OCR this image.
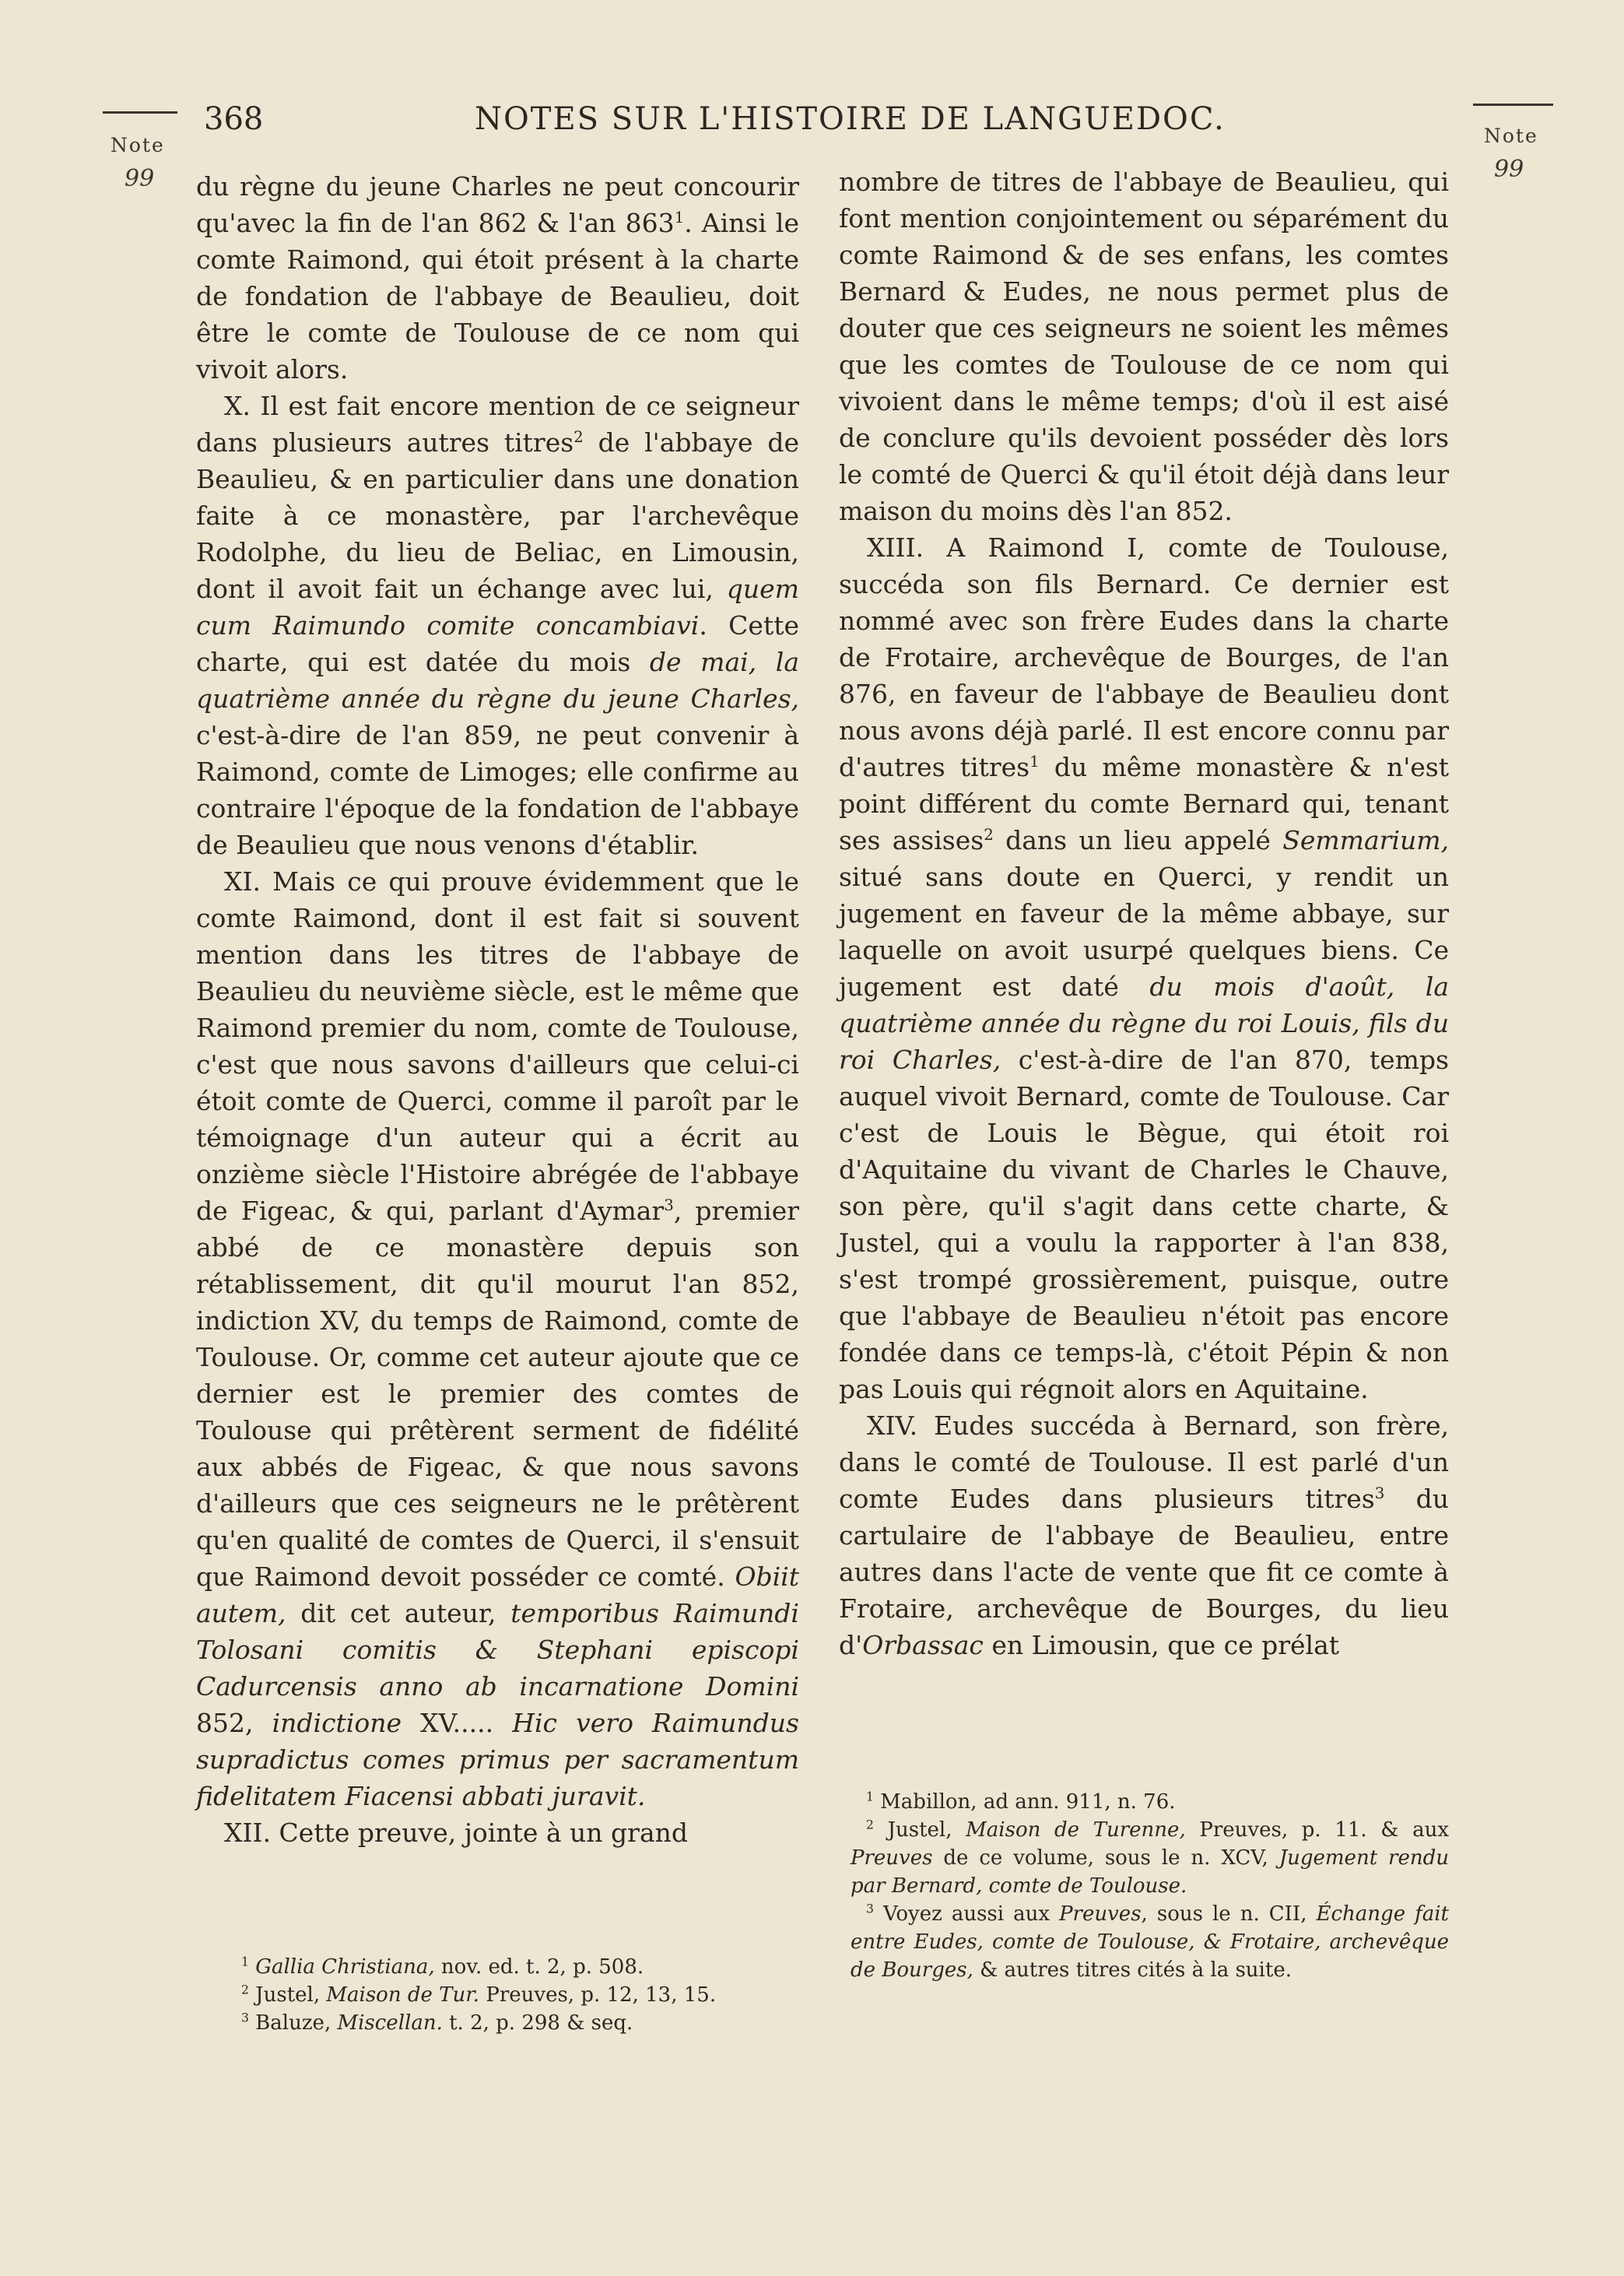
Note
99
368	NOTES SUR L'HISTOIRE DE LANGUEDOC.	Note
99

du règne du jeune Charles ne peut concourir qu'avec la fin de l'an 862 & l'an $863^1$. Ainsi le comte Raimond, qui étoit présent à la charte de fondation de l'abbaye de Beaulieu, doit être le comte de Toulouse de ce nom qui vivoit alors.

X. Il est fait encore mention de ce seigneur dans plusieurs autres titres$^2$ de l'abbaye de Beaulieu, & en particulier dans une donation faite à ce monastère, par l'archevêque Rodolphe, du lieu de Beliac, en Limousin, dont il avoit fait un échange avec lui, quem cum Raimundo comite concambiavi. Cette charte, qui est datée du mois de mai, la quatrième année du règne du jeune Charles, c'est-à-dire de l'an 859, ne peut convenir à Raimond, comte de Limoges; elle confirme au contraire l'époque de la fondation de l'abbaye de Beaulieu que nous venons d'établir.

XI. Mais ce qui prouve évidemment que le comte Raimond, dont il est fait si souvent mention dans les titres de l'abbaye de Beaulieu du neuvième siècle, est le même que Raimond premier du nom, comte de Toulouse, c'est que nous savons d'ailleurs que celui-ci étoit comte de Querci, comme il paroît par le témoignage d'un auteur qui a écrit au onzième siècle l'Histoire abrégée de l'abbaye de Figeac, & qui, parlant d'Aymar$^3$, premier abbé de ce monastère depuis son rétablissement, dit qu'il mourut l'an 852, indiction XV, du temps de Raimond, comte de Toulouse. Or, comme cet auteur ajoute que ce dernier est le premier des comtes de Toulouse qui prêtèrent serment de fidélité aux abbés de Figeac, & que nous savons d'ailleurs que ces seigneurs ne le prêtèrent qu'en qualité de comtes de Querci, il s'ensuit que Raimond devoit posséder ce comté. Obiit autem, dit cet auteur, temporibus Raimundi Tolosani comitis & Stephani episcopi Cadurcensis anno ab incarnatione Domini 852, indictione XV..... Hic vero Raimundus supradictus comes primus per sacramentum fidelitatem Fiacensi abbati juravit.

XII. Cette preuve, jointe à un grand

nombre de titres de l'abbaye de Beaulieu, qui font mention conjointement ou séparément du comte Raimond & de ses enfans, les comtes Bernard & Eudes, ne nous permet plus de douter que ces seigneurs ne soient les mêmes que les comtes de Toulouse de ce nom qui vivoient dans le même temps; d'où il est aisé de conclure qu'ils devoient posséder dès lors le comté de Querci & qu'il étoit déjà dans leur maison du moins dès l'an 852.

XIII. A Raimond I, comte de Toulouse, succéda son fils Bernard. Ce dernier est nommé avec son frère Eudes dans la charte de Frotaire, archevêque de Bourges, de l'an 876, en faveur de l'abbaye de Beaulieu dont nous avons déjà parlé. Il est encore connu par d'autres titres$^1$ du même monastère & n'est point différent du comte Bernard qui, tenant ses assises$^2$ dans un lieu appelé Semmarium, situé sans doute en Querci, y rendit un jugement en faveur de la même abbaye, sur laquelle on avoit usurpé quelques biens. Ce jugement est daté du mois d'août, la quatrième année du règne du roi Louis, fils du roi Charles, c'est-à-dire de l'an 870, temps auquel vivoit Bernard, comte de Toulouse. Car c'est de Louis le Bègue, qui étoit roi d'Aquitaine du vivant de Charles le Chauve, son père, qu'il s'agit dans cette charte, & Justel, qui a voulu la rapporter à l'an 838, s'est trompé grossièrement, puisque, outre que l'abbaye de Beaulieu n'étoit pas encore fondée dans ce temps-là, c'étoit Pépin & non pas Louis qui régnoit alors en Aquitaine.

XIV. Eudes succéda à Bernard, son frère, dans le comté de Toulouse. Il est parlé d'un comte Eudes dans plusieurs titres$^3$ du cartulaire de l'abbaye de Beaulieu, entre autres dans l'acte de vente que fit ce comte à Frotaire, archevêque de Bourges, du lieu d'Orbassac en Limousin, que ce prélat

$^1$ Gallia Christiana, nov. ed. t. 2, p. 508.

$^2$ Justel, Maison de Tur. Preuves, p. 12, 13, 15.

$^3$ Baluze, Miscellan. t. 2, p. 298 & seq.

$^1$ Mabillon, ad ann. 911, n. 76.

$^2$ Justel, Maison de Turenne, Preuves, p. 11. & aux Preuves de ce volume, sous le n. XCV, Jugement rendu par Bernard, comte de Toulouse.

$^3$ Voyez aussi aux Preuves, sous le n. CII, Échange fait entre Eudes, comte de Toulouse, & Frotaire, archevêque de Bourges, & autres titres cités à la suite.
